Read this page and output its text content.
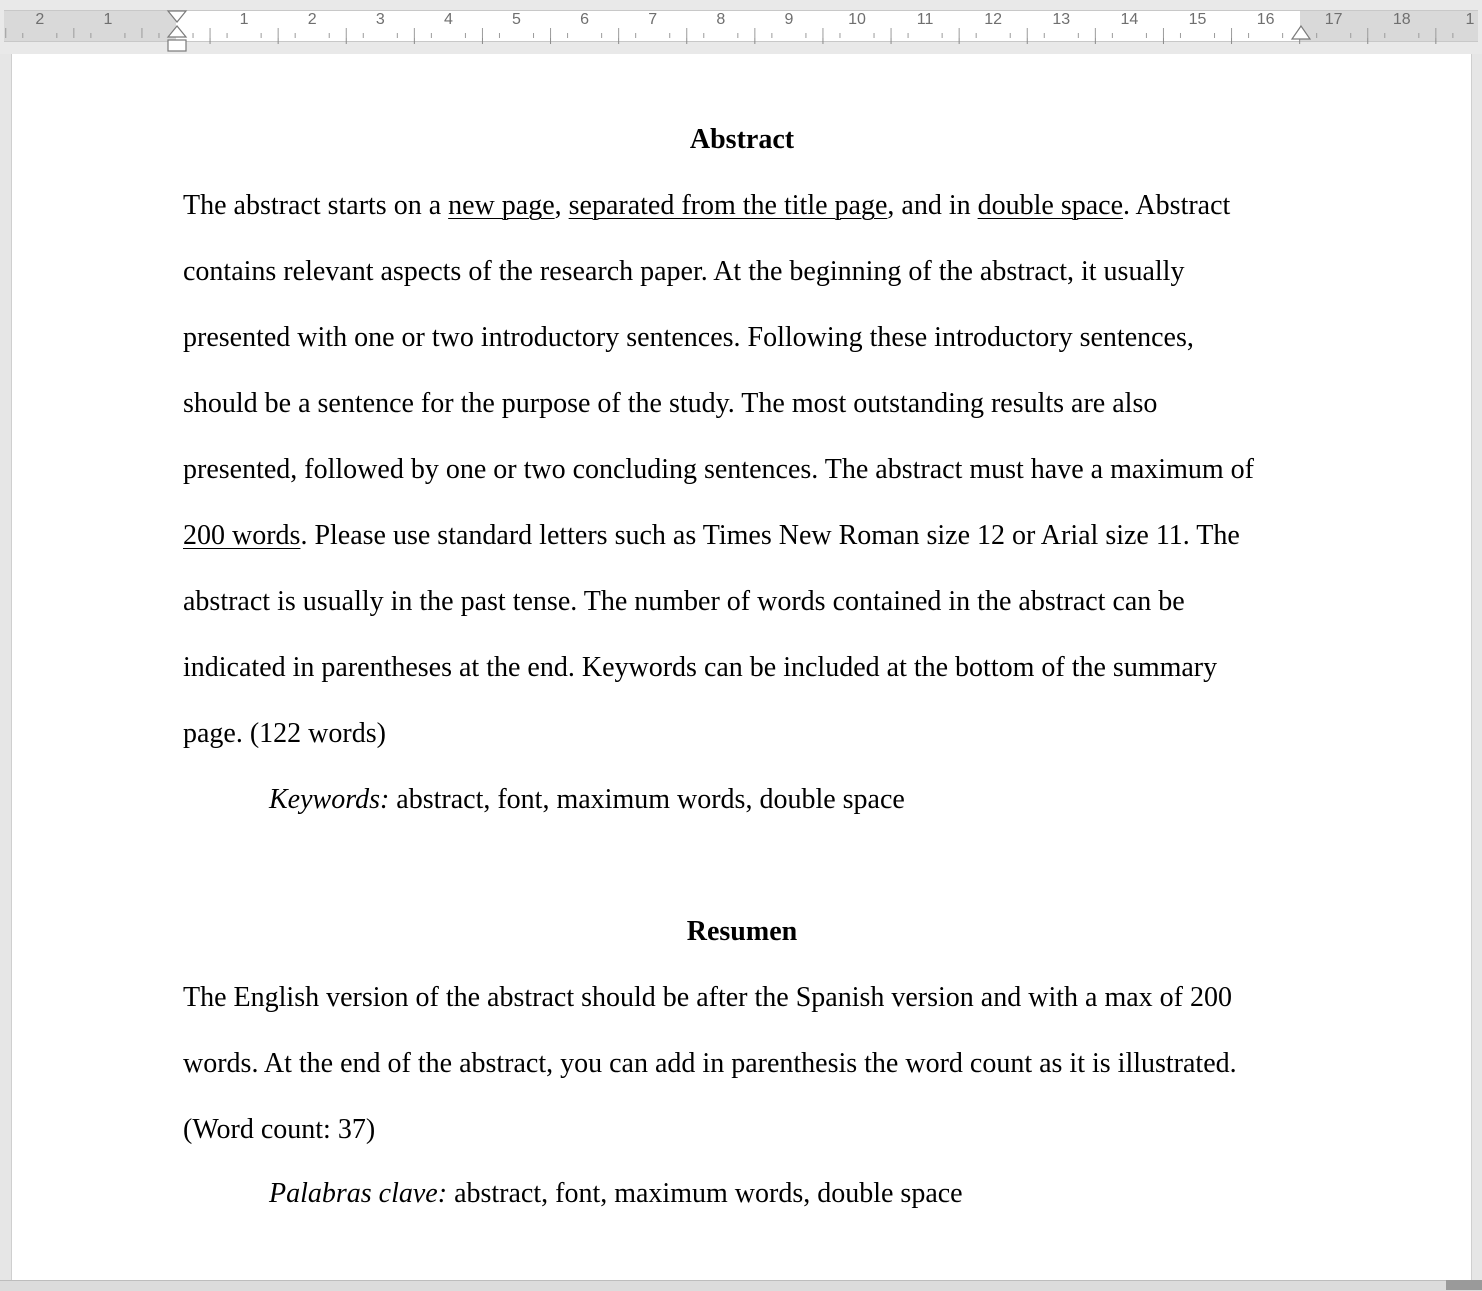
2	1	1	2	3	4	5	6	7	8	9	10	11	12	13	14	15	16	17	18	1
Abstract
The abstract starts on a new page, separated from the title page, and in double space. Abstract
contains relevant aspects of the research paper. At the beginning of the abstract, it usually
presented with one or two introductory sentences. Following these introductory sentences,
should be a sentence for the purpose of the study. The most outstanding results are also
presented, followed by one or two concluding sentences. The abstract must have a maximum of
200 words. Please use standard letters such as Times New Roman size 12 or Arial size 11. The
abstract is usually in the past tense. The number of words contained in the abstract can be
indicated in parentheses at the end. Keywords can be included at the bottom of the summary
page. (122 words)
Keywords: abstract, font, maximum words, double space
Resumen
The English version of the abstract should be after the Spanish version and with a max of 200
words. At the end of the abstract, you can add in parenthesis the word count as it is illustrated.
(Word count: 37)
Palabras clave: abstract, font, maximum words, double space
